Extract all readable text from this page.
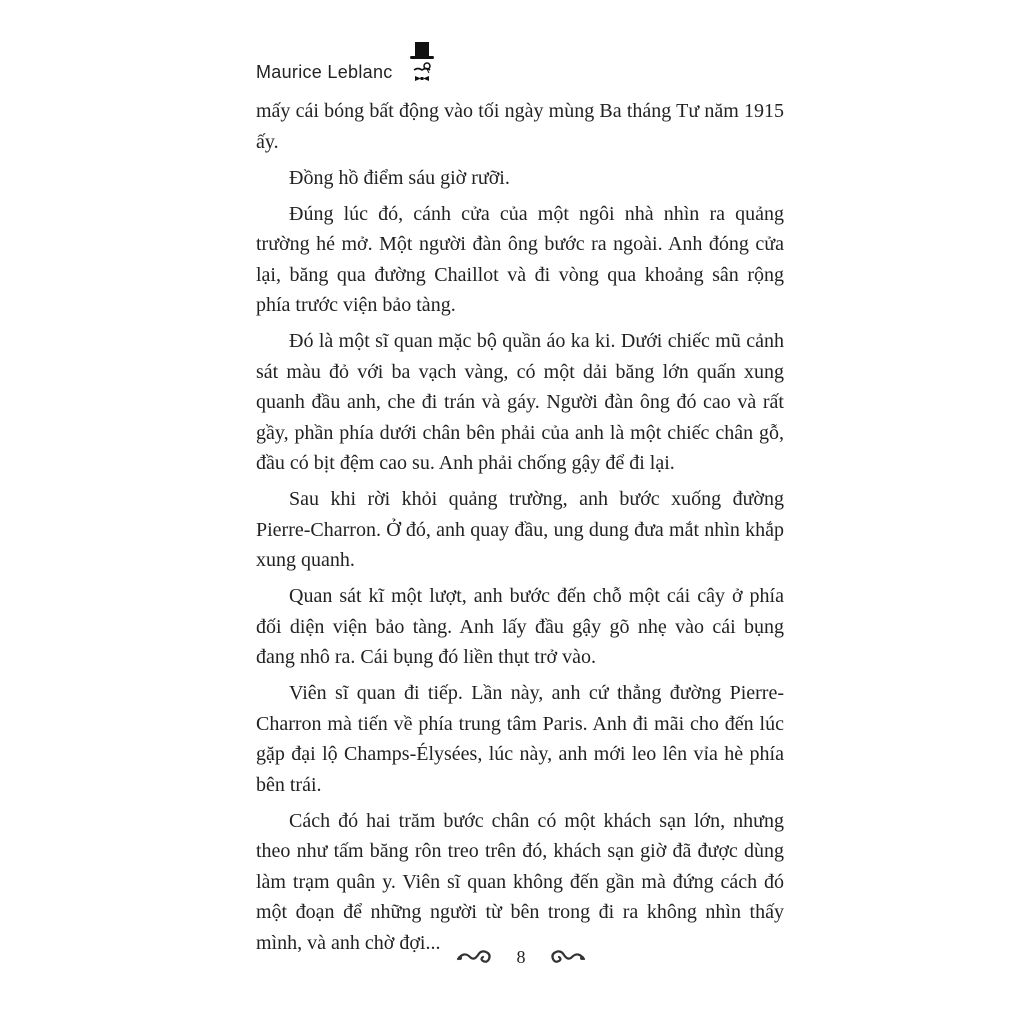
Maurice Leblanc

mấy cái bóng bất động vào tối ngày mùng Ba tháng Tư năm 1915 ấy.

Đồng hồ điểm sáu giờ rưỡi.

Đúng lúc đó, cánh cửa của một ngôi nhà nhìn ra quảng trường hé mở. Một người đàn ông bước ra ngoài. Anh đóng cửa lại, băng qua đường Chaillot và đi vòng qua khoảng sân rộng phía trước viện bảo tàng.

Đó là một sĩ quan mặc bộ quần áo ka ki. Dưới chiếc mũ cảnh sát màu đỏ với ba vạch vàng, có một dải băng lớn quấn xung quanh đầu anh, che đi trán và gáy. Người đàn ông đó cao và rất gầy, phần phía dưới chân bên phải của anh là một chiếc chân gỗ, đầu có bịt đệm cao su. Anh phải chống gậy để đi lại.

Sau khi rời khỏi quảng trường, anh bước xuống đường Pierre-Charron. Ở đó, anh quay đầu, ung dung đưa mắt nhìn khắp xung quanh.

Quan sát kĩ một lượt, anh bước đến chỗ một cái cây ở phía đối diện viện bảo tàng. Anh lấy đầu gậy gõ nhẹ vào cái bụng đang nhô ra. Cái bụng đó liền thụt trở vào.

Viên sĩ quan đi tiếp. Lần này, anh cứ thẳng đường Pierre-Charron mà tiến về phía trung tâm Paris. Anh đi mãi cho đến lúc gặp đại lộ Champs-Élysées, lúc này, anh mới leo lên vỉa hè phía bên trái.

Cách đó hai trăm bước chân có một khách sạn lớn, nhưng theo như tấm băng rôn treo trên đó, khách sạn giờ đã được dùng làm trạm quân y. Viên sĩ quan không đến gần mà đứng cách đó một đoạn để những người từ bên trong đi ra không nhìn thấy mình, và anh chờ đợi...

8
